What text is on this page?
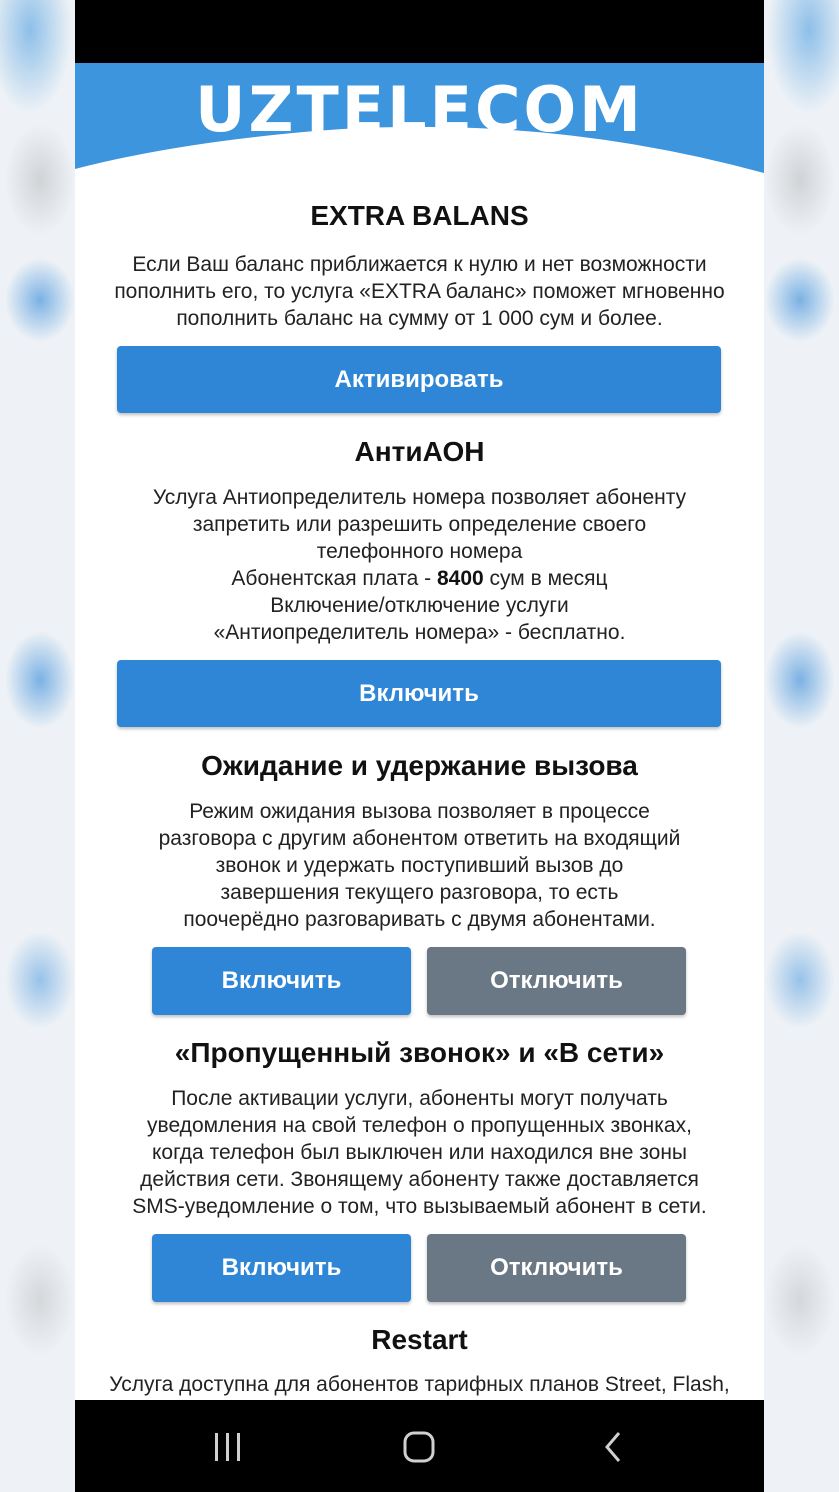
UZTELECOM
EXTRA BALANS
Если Ваш баланс приближается к нулю и нет возможности
пополнить его, то услуга «EXTRA баланс» поможет мгновенно
пополнить баланс на сумму от 1 000 сум и более.
Активировать
АнтиАОН
Услуга Антиопределитель номера позволяет абоненту
запретить или разрешить определение своего
телефонного номера
Абонентская плата - 8400 сум в месяц
Включение/отключение услуги
«Антиопределитель номера» - бесплатно.
Включить
Ожидание и удержание вызова
Режим ожидания вызова позволяет в процессе
разговора с другим абонентом ответить на входящий
звонок и удержать поступивший вызов до
завершения текущего разговора, то есть
поочерёдно разговаривать с двумя абонентами.
Включить	Отключить
«Пропущенный звонок» и «В сети»
После активации услуги, абоненты могут получать
уведомления на свой телефон о пропущенных звонках,
когда телефон был выключен или находился вне зоны
действия сети. Звонящему абоненту также доставляется
SMS-уведомление о том, что вызываемый абонент в сети.
Включить	Отключить
Restart
Услуга доступна для абонентов тарифных планов Street, Flash,
